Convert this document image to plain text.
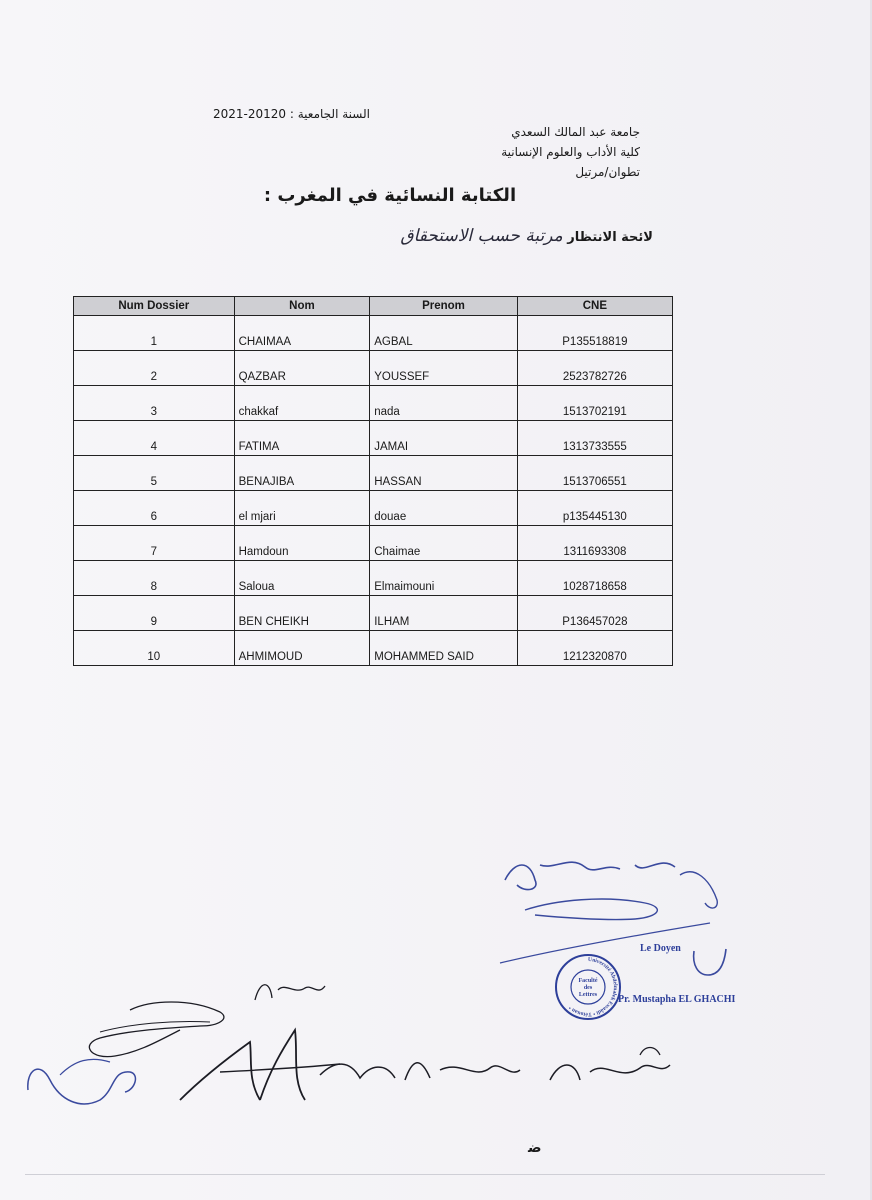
السنة الجامعية : 2021-20120
جامعة عبد المالك السعدي
كلية الأداب والعلوم الإنسانية
تطوان/مرتيل
الكتابة النسائية في المغرب :
لائحة الانتظار مرتبة حسب الاستحقاق
Num Dossier	Nom	Prenom	CNE
1	CHAIMAA	AGBAL	P135518819
2	QAZBAR	YOUSSEF	2523782726
3	chakkaf	nada	1513702191
4	FATIMA	JAMAI	1313733555
5	BENAJIBA	HASSAN	1513706551
6	el mjari	douae	p135445130
7	Hamdoun	Chaimae	1311693308
8	Saloua	Elmaimouni	1028718658
9	BEN CHEIKH	ILHAM	P136457028
10	AHMIMOUD	MOHAMMED SAID	1212320870
Le Doyen
Faculté
des
Lettres
Université Abdelmalek Essaâdi • Tétouan •
Pr. Mustapha EL GHACHI
ﺿ
